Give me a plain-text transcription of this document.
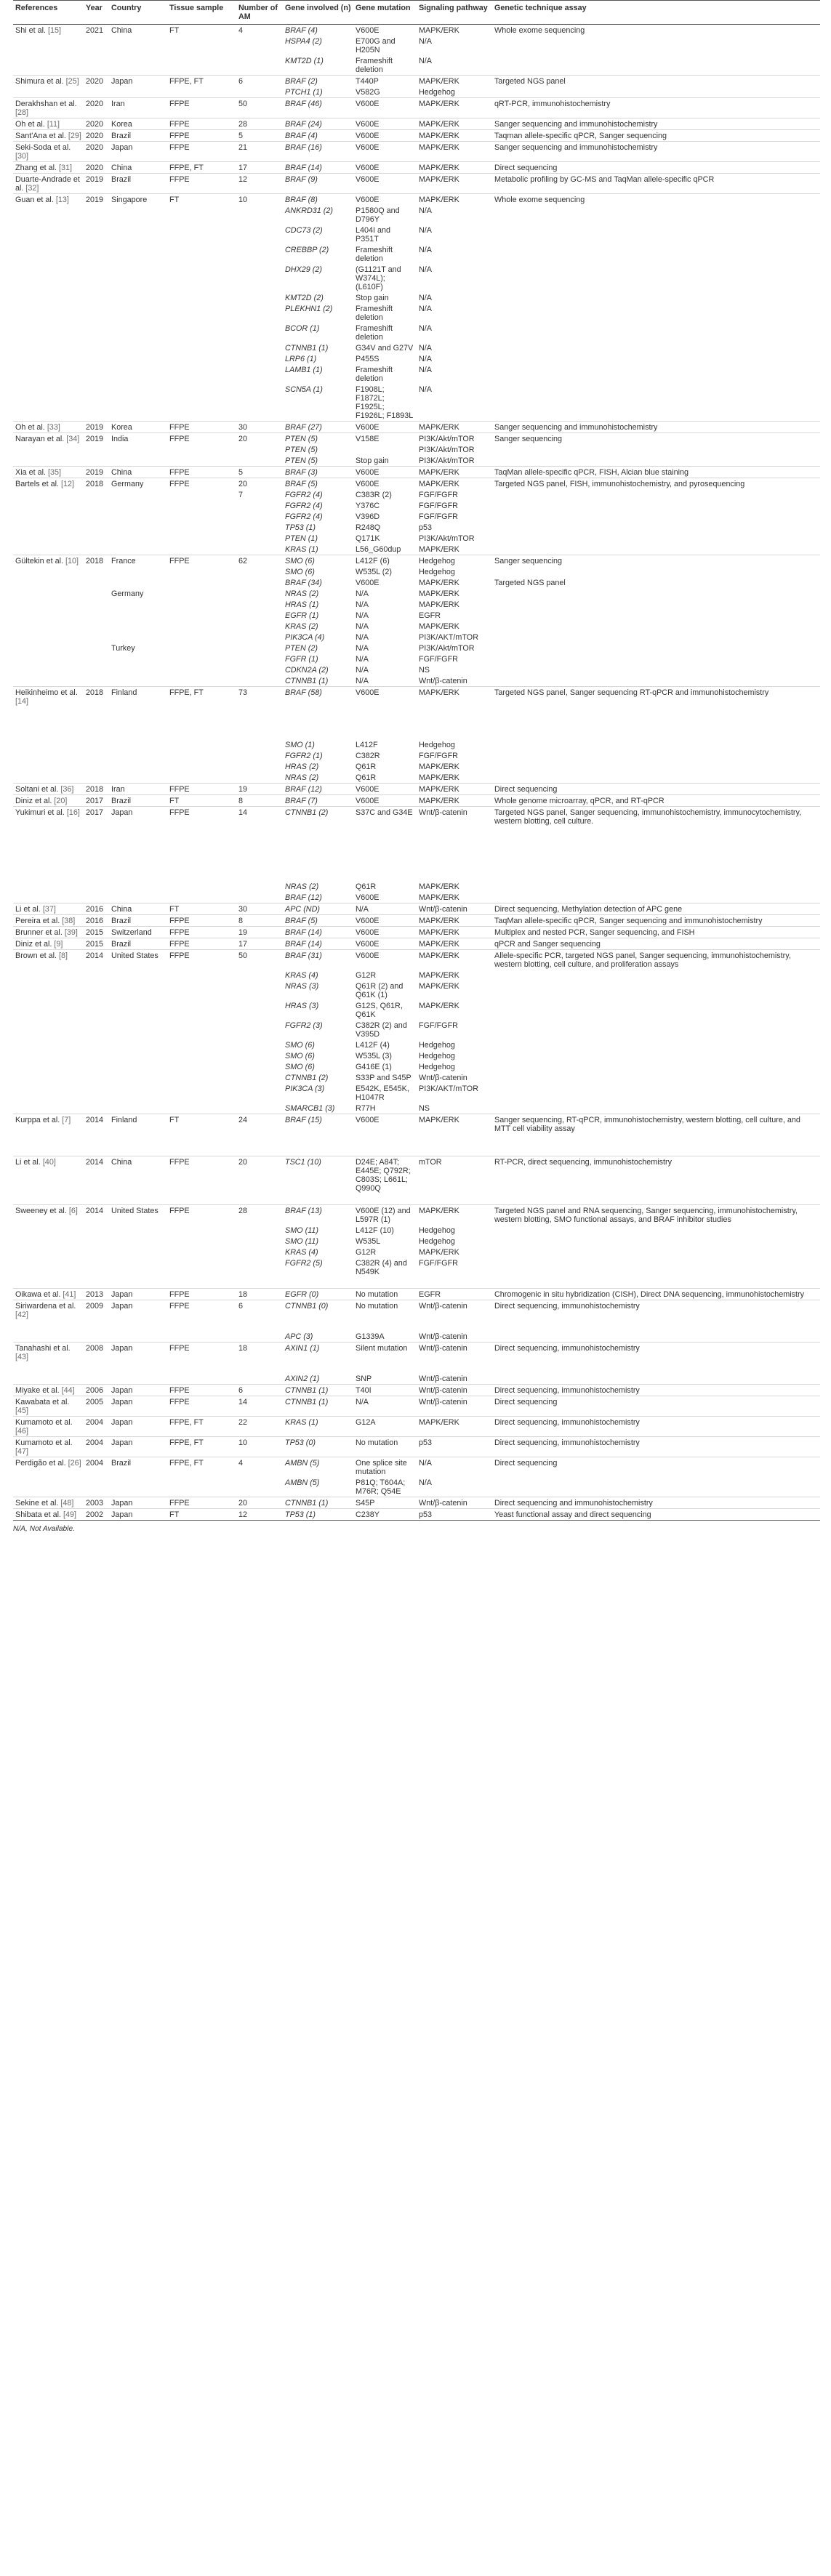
References	Year	Country	Tissue sample	Number of AM	Gene involved (n)	Gene mutation	Signaling pathway	Genetic technique assay
Shi et al. [15]	2021	China	FT	4	BRAF (4)	V600E	MAPK/ERK	Whole exome sequencing
					HSPA4 (2)	E700G and H205N	N/A	
					KMT2D (1)	Frameshift deletion	N/A	
Shimura et al. [25]	2020	Japan	FFPE, FT	6	BRAF (2)	T440P	MAPK/ERK	Targeted NGS panel
					PTCH1 (1)	V582G	Hedgehog	
Derakhshan et al. [28]	2020	Iran	FFPE	50	BRAF (46)	V600E	MAPK/ERK	qRT-PCR, immunohistochemistry
Oh et al. [11]	2020	Korea	FFPE	28	BRAF (24)	V600E	MAPK/ERK	Sanger sequencing and immunohistochemistry
Sant'Ana et al. [29]	2020	Brazil	FFPE	5	BRAF (4)	V600E	MAPK/ERK	Taqman allele-specific qPCR, Sanger sequencing
Seki-Soda et al. [30]	2020	Japan	FFPE	21	BRAF (16)	V600E	MAPK/ERK	Sanger sequencing and immunohistochemistry
Zhang et al. [31]	2020	China	FFPE, FT	17	BRAF (14)	V600E	MAPK/ERK	Direct sequencing
Duarte-Andrade et al. [32]	2019	Brazil	FFPE	12	BRAF (9)	V600E	MAPK/ERK	Metabolic profiling by GC-MS and TaqMan allele-specific qPCR
Guan et al. [13]	2019	Singapore	FT	10	BRAF (8)	V600E	MAPK/ERK	Whole exome sequencing
					ANKRD31 (2)	P1580Q and D796Y	N/A	
					CDC73 (2)	L404I and P351T	N/A	
					CREBBP (2)	Frameshift deletion	N/A	
					DHX29 (2)	(G1121T and W374L); (L610F)	N/A	
					KMT2D (2)	Stop gain	N/A	
					PLEKHN1 (2)	Frameshift deletion	N/A	
					BCOR (1)	Frameshift deletion	N/A	
					CTNNB1 (1)	G34V and G27V	N/A	
					LRP6 (1)	P455S	N/A	
					LAMB1 (1)	Frameshift deletion	N/A	
					SCN5A (1)	F1908L; F1872L; F1925L; F1926L; F1893L	N/A	
Oh et al. [33]	2019	Korea	FFPE	30	BRAF (27)	V600E	MAPK/ERK	Sanger sequencing and immunohistochemistry
Narayan et al. [34]	2019	India	FFPE	20	PTEN (5)	V158E	PI3K/Akt/mTOR	Sanger sequencing
					PTEN (5)		PI3K/Akt/mTOR	
					PTEN (5)	Stop gain	PI3K/Akt/mTOR	
Xia et al. [35]	2019	China	FFPE	5	BRAF (3)	V600E	MAPK/ERK	TaqMan allele-specific qPCR, FISH, Alcian blue staining
Bartels et al. [12]	2018	Germany	FFPE	20	BRAF (5)	V600E	MAPK/ERK	Targeted NGS panel, FISH, immunohistochemistry, and pyrosequencing
				7	FGFR2 (4)	C383R (2)	FGF/FGFR	
					FGFR2 (4)	Y376C	FGF/FGFR	
					FGFR2 (4)	V396D	FGF/FGFR	
					TP53 (1)	R248Q	p53	
					PTEN (1)	Q171K	PI3K/Akt/mTOR	
					KRAS (1)	L56_G60dup	MAPK/ERK	
Gültekin et al. [10]	2018	France	FFPE	62	SMO (6)	L412F (6)	Hedgehog	Sanger sequencing
					SMO (6)	W535L (2)	Hedgehog	
					BRAF (34)	V600E	MAPK/ERK	Targeted NGS panel
		Germany			NRAS (2)	N/A	MAPK/ERK	
					HRAS (1)	N/A	MAPK/ERK	
					EGFR (1)	N/A	EGFR	
					KRAS (2)	N/A	MAPK/ERK	
					PIK3CA (4)	N/A	PI3K/AKT/mTOR	
		Turkey			PTEN (2)	N/A	PI3K/Akt/mTOR	
					FGFR (1)	N/A	FGF/FGFR	
					CDKN2A (2)	N/A	NS	
					CTNNB1 (1)	N/A	Wnt/β-catenin	
Heikinheimo et al. [14]	2018	Finland	FFPE, FT	73	BRAF (58)	V600E	MAPK/ERK	Targeted NGS panel, Sanger sequencing RT-qPCR and immunohistochemistry

					SMO (1)	L412F	Hedgehog	
					FGFR2 (1)	C382R	FGF/FGFR	
					HRAS (2)	Q61R	MAPK/ERK	
					NRAS (2)	Q61R	MAPK/ERK	
Soltani et al. [36]	2018	Iran	FFPE	19	BRAF (12)	V600E	MAPK/ERK	Direct sequencing
Diniz et al. [20]	2017	Brazil	FT	8	BRAF (7)	V600E	MAPK/ERK	Whole genome microarray, qPCR, and RT-qPCR
Yukimuri et al. [16]	2017	Japan	FFPE	14	CTNNB1 (2)	S37C and G34E	Wnt/β-catenin	Targeted NGS panel, Sanger sequencing, immunohistochemistry, immunocytochemistry, western blotting, cell culture.

					NRAS (2)	Q61R	MAPK/ERK	
					BRAF (12)	V600E	MAPK/ERK	
Li et al. [37]	2016	China	FT	30	APC (ND)	N/A	Wnt/β-catenin	Direct sequencing, Methylation detection of APC gene
Pereira et al. [38]	2016	Brazil	FFPE	8	BRAF (5)	V600E	MAPK/ERK	TaqMan allele-specific qPCR, Sanger sequencing and immunohistochemistry
Brunner et al. [39]	2015	Switzerland	FFPE	19	BRAF (14)	V600E	MAPK/ERK	Multiplex and nested PCR, Sanger sequencing, and FISH
Diniz et al. [9]	2015	Brazil	FFPE	17	BRAF (14)	V600E	MAPK/ERK	qPCR and Sanger sequencing
Brown et al. [8]	2014	United States	FFPE	50	BRAF (31)	V600E	MAPK/ERK	Allele-specific PCR, targeted NGS panel, Sanger sequencing, immunohistochemistry, western blotting, cell culture, and proliferation assays
					KRAS (4)	G12R	MAPK/ERK	
					NRAS (3)	Q61R (2) and Q61K (1)	MAPK/ERK	
					HRAS (3)	G12S, Q61R, Q61K	MAPK/ERK	
					FGFR2 (3)	C382R (2) and V395D	FGF/FGFR	
					SMO (6)	L412F (4)	Hedgehog	
					SMO (6)	W535L (3)	Hedgehog	
					SMO (6)	G416E (1)	Hedgehog	
					CTNNB1 (2)	S33P and S45P	Wnt/β-catenin	
					PIK3CA (3)	E542K, E545K, H1047R	PI3K/AKT/mTOR	
					SMARCB1 (3)	R77H	NS	
Kurppa et al. [7]	2014	Finland	FT	24	BRAF (15)	V600E	MAPK/ERK	Sanger sequencing, RT-qPCR, immunohistochemistry, western blotting, cell culture, and MTT cell viability assay

Li et al. [40]	2014	China	FFPE	20	TSC1 (10)	D24E; A84T; E445E; Q792R; C803S; L661L; Q990Q	mTOR	RT-PCR, direct sequencing, immunohistochemistry

Sweeney et al. [6]	2014	United States	FFPE	28	BRAF (13)	V600E (12) and L597R (1)	MAPK/ERK	Targeted NGS panel and RNA sequencing, Sanger sequencing, immunohistochemistry, western blotting, SMO functional assays, and BRAF inhibitor studies
					SMO (11)	L412F (10)	Hedgehog	
					SMO (11)	W535L	Hedgehog	
					KRAS (4)	G12R	MAPK/ERK	
					FGFR2 (5)	C382R (4) and N549K	FGF/FGFR	

Oikawa et al. [41]	2013	Japan	FFPE	18	EGFR (0)	No mutation	EGFR	Chromogenic in situ hybridization (CISH), Direct DNA sequencing, immunohistochemistry
Siriwardena et al. [42]	2009	Japan	FFPE	6	CTNNB1 (0)	No mutation	Wnt/β-catenin	Direct sequencing, immunohistochemistry

					APC (3)	G1339A	Wnt/β-catenin	
Tanahashi et al. [43]	2008	Japan	FFPE	18	AXIN1 (1)	Silent mutation	Wnt/β-catenin	Direct sequencing, immunohistochemistry

					AXIN2 (1)	SNP	Wnt/β-catenin	
Miyake et al. [44]	2006	Japan	FFPE	6	CTNNB1 (1)	T40I	Wnt/β-catenin	Direct sequencing, immunohistochemistry
Kawabata et al. [45]	2005	Japan	FFPE	14	CTNNB1 (1)	N/A	Wnt/β-catenin	Direct sequencing
Kumamoto et al. [46]	2004	Japan	FFPE, FT	22	KRAS (1)	G12A	MAPK/ERK	Direct sequencing, immunohistochemistry
Kumamoto et al. [47]	2004	Japan	FFPE, FT	10	TP53 (0)	No mutation	p53	Direct sequencing, immunohistochemistry
Perdigão et al. [26]	2004	Brazil	FFPE, FT	4	AMBN (5)	One splice site mutation	N/A	Direct sequencing
					AMBN (5)	P81Q; T604A; M76R; Q54E	N/A	
Sekine et al. [48]	2003	Japan	FFPE	20	CTNNB1 (1)	S45P	Wnt/β-catenin	Direct sequencing and immunohistochemistry
Shibata et al. [49]	2002	Japan	FT	12	TP53 (1)	C238Y	p53	Yeast functional assay and direct sequencing
N/A, Not Available.
